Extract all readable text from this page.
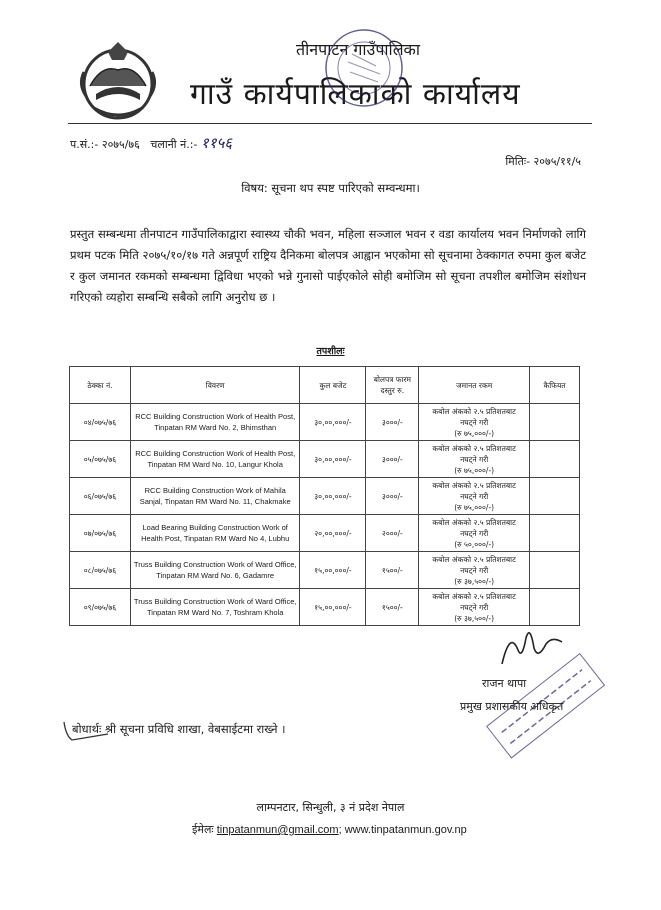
तीनपाटन गाउँपालिका
गाउँ कार्यपालिकाको कार्यालय
प.सं.:- २०७५/७६ चलानी नं.:- ११५६
मितिः- २०७५/११/५
विषय: सूचना थप स्पष्ट पारिएको सम्वन्धमा।
प्रस्तुत सम्बन्धमा तीनपाटन गाउँपालिकाद्वारा स्वास्थ्य चौकी भवन, महिला सञ्जाल भवन र वडा कार्यालय भवन निर्माणको लागि प्रथम पटक मिति २०७५/१०/१७ गते अन्नपूर्ण राष्ट्रिय दैनिकमा बोलपत्र आह्वान भएकोमा सो सूचनामा ठेक्कागत रुपमा कुल बजेट र कुल जमानत रकमको सम्बन्धमा द्विविधा भएको भन्ने गुनासो पाईएकोले सोही बमोजिम सो सूचना तपशील बमोजिम संशोधन गरिएको व्यहोरा सम्बन्धि सबैको लागि अनुरोध छ ।
तपशीलः
ठेक्का नं.	विवरण	कुल बजेट	बोलपत्र फारम दस्तुर रु.	जमानत रकम	कैफियत
०४/०७५/७६	RCC Building Construction Work of Health Post, Tinpatan RM Ward No. 2, Bhimsthan	३०,००,०००/-	३०००/-	कबोल अंकको २.५ प्रतिशतबाट
नघट्ने गरी
(रु ७५,०००/-)	
०५/०७५/७६	RCC Building Construction Work of Health Post, Tinpatan RM Ward No. 10, Langur Khola	३०,००,०००/-	३०००/-	कबोल अंकको २.५ प्रतिशतबाट
नघट्ने गरी
(रु ७५,०००/-)	
०६/०७५/७६	RCC Building Construction Work of Mahila Sanjal, Tinpatan RM Ward No. 11, Chakmake	३०,००,०००/-	३०००/-	कबोल अंकको २.५ प्रतिशतबाट
नघट्ने गरी
(रु ७५,०००/-)	
०७/०७५/७६	Load Bearing Building Construction Work of Health Post, Tinpatan RM Ward No 4, Lubhu	२०,००,०००/-	२०००/-	कबोल अंकको २.५ प्रतिशतबाट
नघट्ने गरी
(रु ५०,०००/-)	
०८/०७५/७६	Truss Building Construction Work of Ward Office, Tinpatan RM Ward No. 6, Gadamre	१५,००,०००/-	१५००/-	कबोल अंकको २.५ प्रतिशतबाट
नघट्ने गरी
(रु ३७,५००/-)	
०९/०७५/७६	Truss Building Construction Work of Ward Office, Tinpatan RM Ward No. 7, Toshram Khola	१५,००,०००/-	१५००/-	कबोल अंकको २.५ प्रतिशतबाट
नघट्ने गरी
(रु ३७,५००/-)	
राजन थापा
प्रमुख प्रशासकीय अधिकृत
बोधार्थः श्री सूचना प्रविधि शाखा, वेबसाईटमा राख्ने ।
लाम्पनटार, सिन्धुली, ३ नं प्रदेश नेपाल
ईमेलः tinpatanmun@gmail.com; www.tinpatanmun.gov.np
